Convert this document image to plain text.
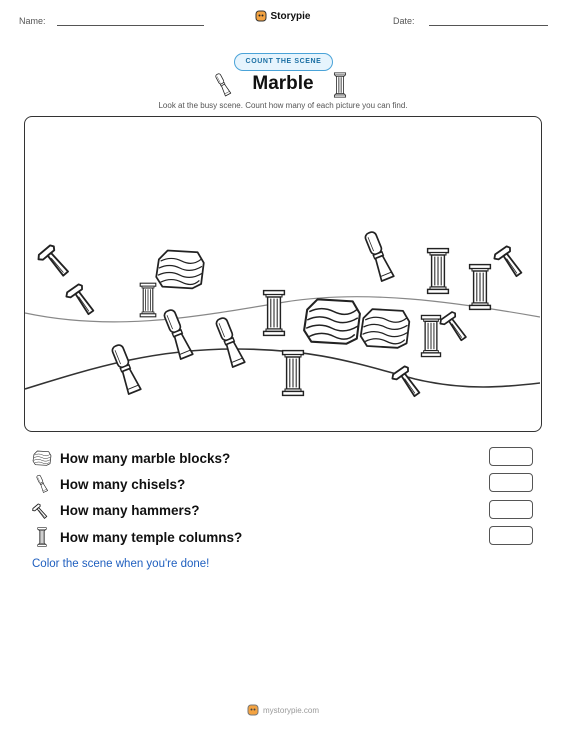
Name:	Storypie	Date:
COUNT THE SCENE
Marble
Look at the busy scene. Count how many of each picture you can find.
How many marble blocks?
How many chisels?
How many hammers?
How many temple columns?
Color the scene when you're done!
mystorypie.com
